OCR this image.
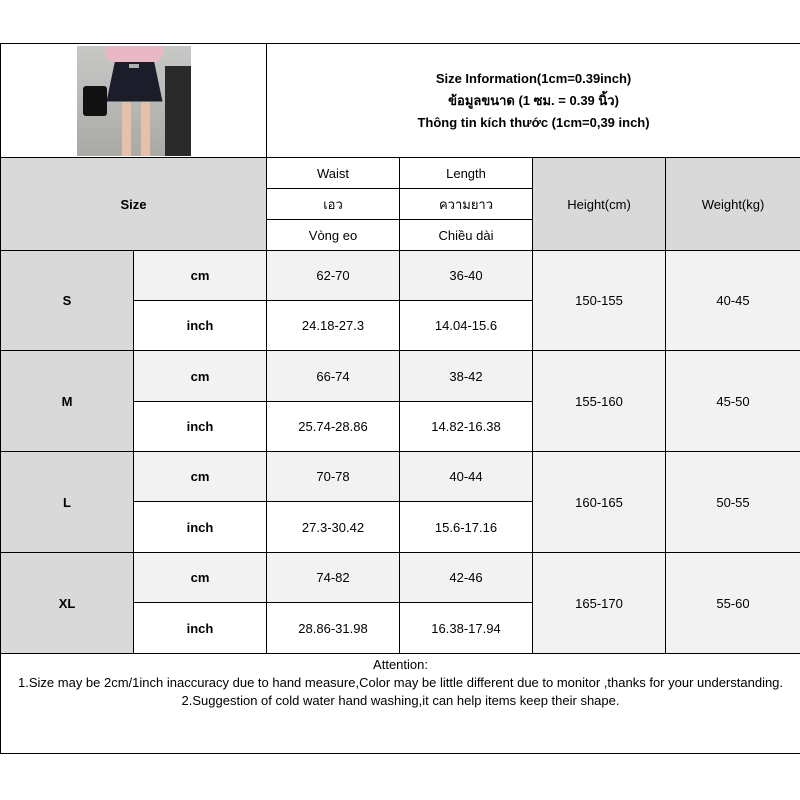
		Size Information(1cm=0.39inch)
ข้อมูลขนาด (1 ซม. = 0.39 นิ้ว)
Thông tin kích thước (1cm=0,39 inch)			

Size		Waist	Length	Height(cm)	Weight(kg)
		เอว	ความยาว		
		Vòng eo	Chiều dài		
S	cm	62-70	36-40	150-155	40-45
	inch	24.18-27.3	14.04-15.6		
M	cm	66-74	38-42	155-160	45-50
	inch	25.74-28.86	14.82-16.38		
L	cm	70-78	40-44	160-165	50-55
	inch	27.3-30.42	15.6-17.16		
XL	cm	74-82	42-46	165-170	55-60
	inch	28.86-31.98	16.38-17.94		

Attention:
1.Size may be 2cm/1inch inaccuracy due to hand measure,Color may be little different due to monitor ,thanks for your understanding.
2.Suggestion of cold water hand washing,it can help items keep their shape.					
